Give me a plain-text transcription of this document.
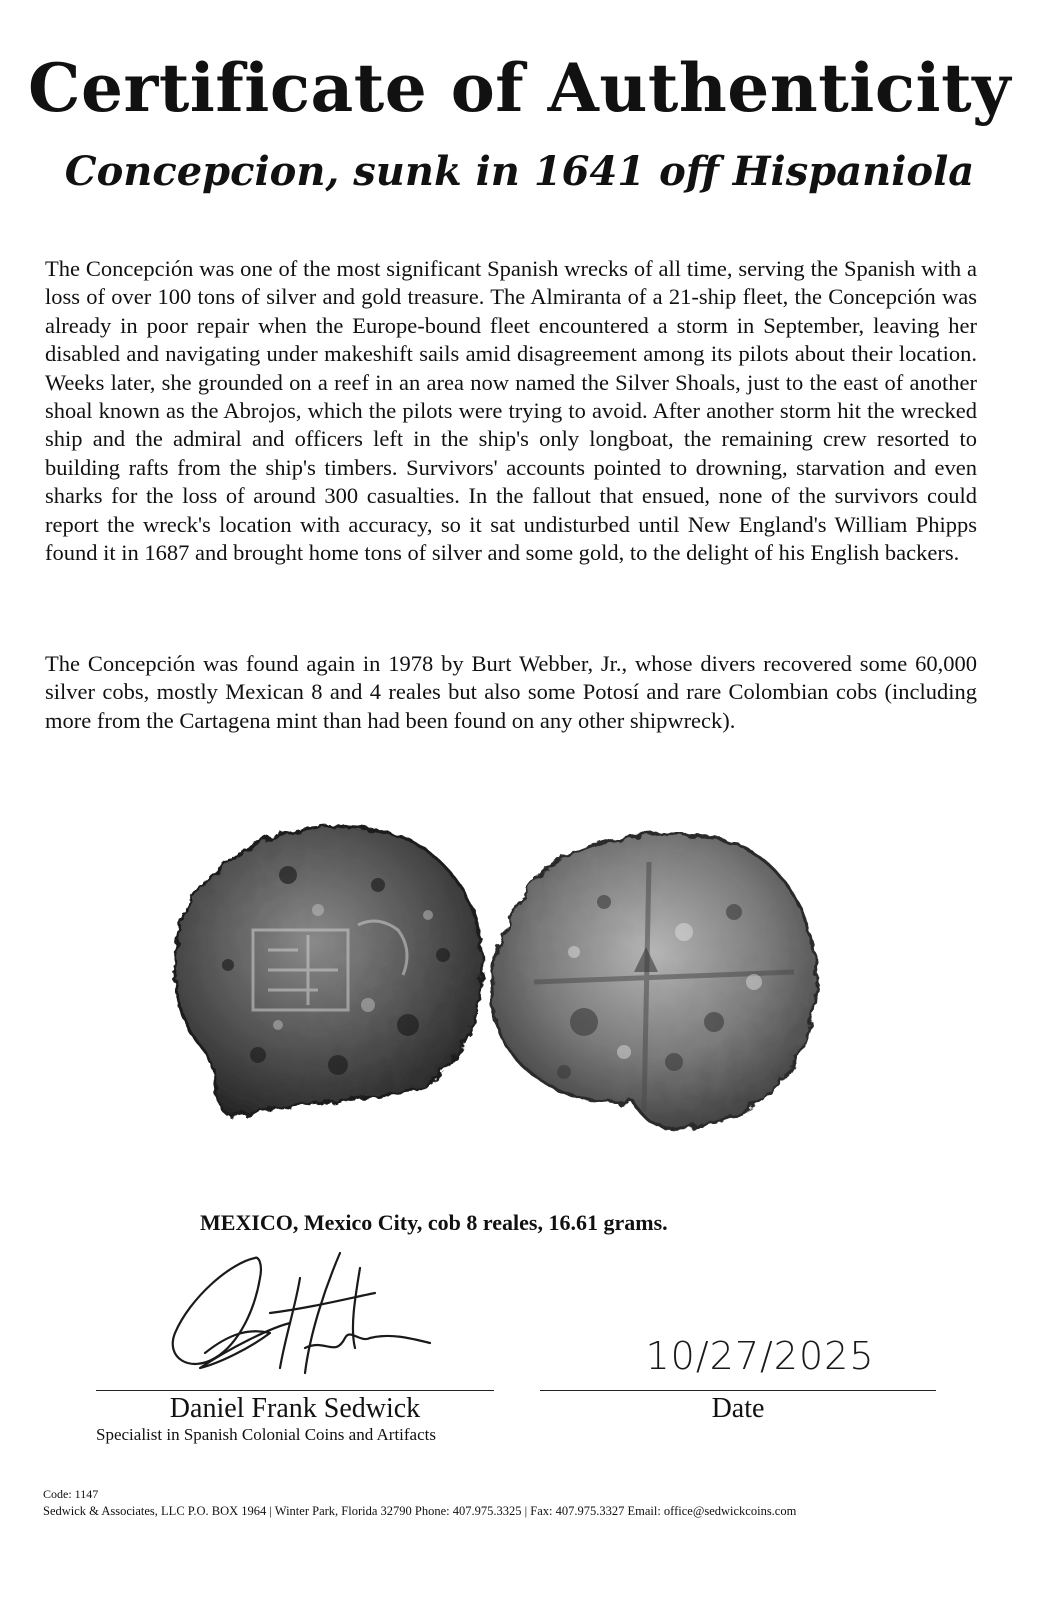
Certificate of Authenticity
Concepcion, sunk in 1641 off Hispaniola

The Concepción was one of the most significant Spanish wrecks of all time, serving the Spanish with a loss of over 100 tons of silver and gold treasure. The Almiranta of a 21-ship fleet, the Concepción was already in poor repair when the Europe-bound fleet encountered a storm in September, leaving her disabled and navigating under makeshift sails amid disagreement among its pilots about their location. Weeks later, she grounded on a reef in an area now named the Silver Shoals, just to the east of another shoal known as the Abrojos, which the pilots were trying to avoid. After another storm hit the wrecked ship and the admiral and officers left in the ship's only longboat, the remaining crew resorted to building rafts from the ship's timbers. Survivors' accounts pointed to drowning, starvation and even sharks for the loss of around 300 casualties. In the fallout that ensued, none of the survivors could report the wreck's location with accuracy, so it sat undisturbed until New England's William Phipps found it in 1687 and brought home tons of silver and some gold, to the delight of his English backers.

The Concepción was found again in 1978 by Burt Webber, Jr., whose divers recovered some 60,000 silver cobs, mostly Mexican 8 and 4 reales but also some Potosí and rare Colombian cobs (including more from the Cartagena mint than had been found on any other shipwreck).

MEXICO, Mexico City, cob 8 reales, 16.61 grams.
10/27/2025
Daniel Frank Sedwick
Specialist in Spanish Colonial Coins and Artifacts
Date
Code: 1147
Sedwick & Associates, LLC P.O. BOX 1964 | Winter Park, Florida 32790 Phone: 407.975.3325 | Fax: 407.975.3327 Email: office@sedwickcoins.com
